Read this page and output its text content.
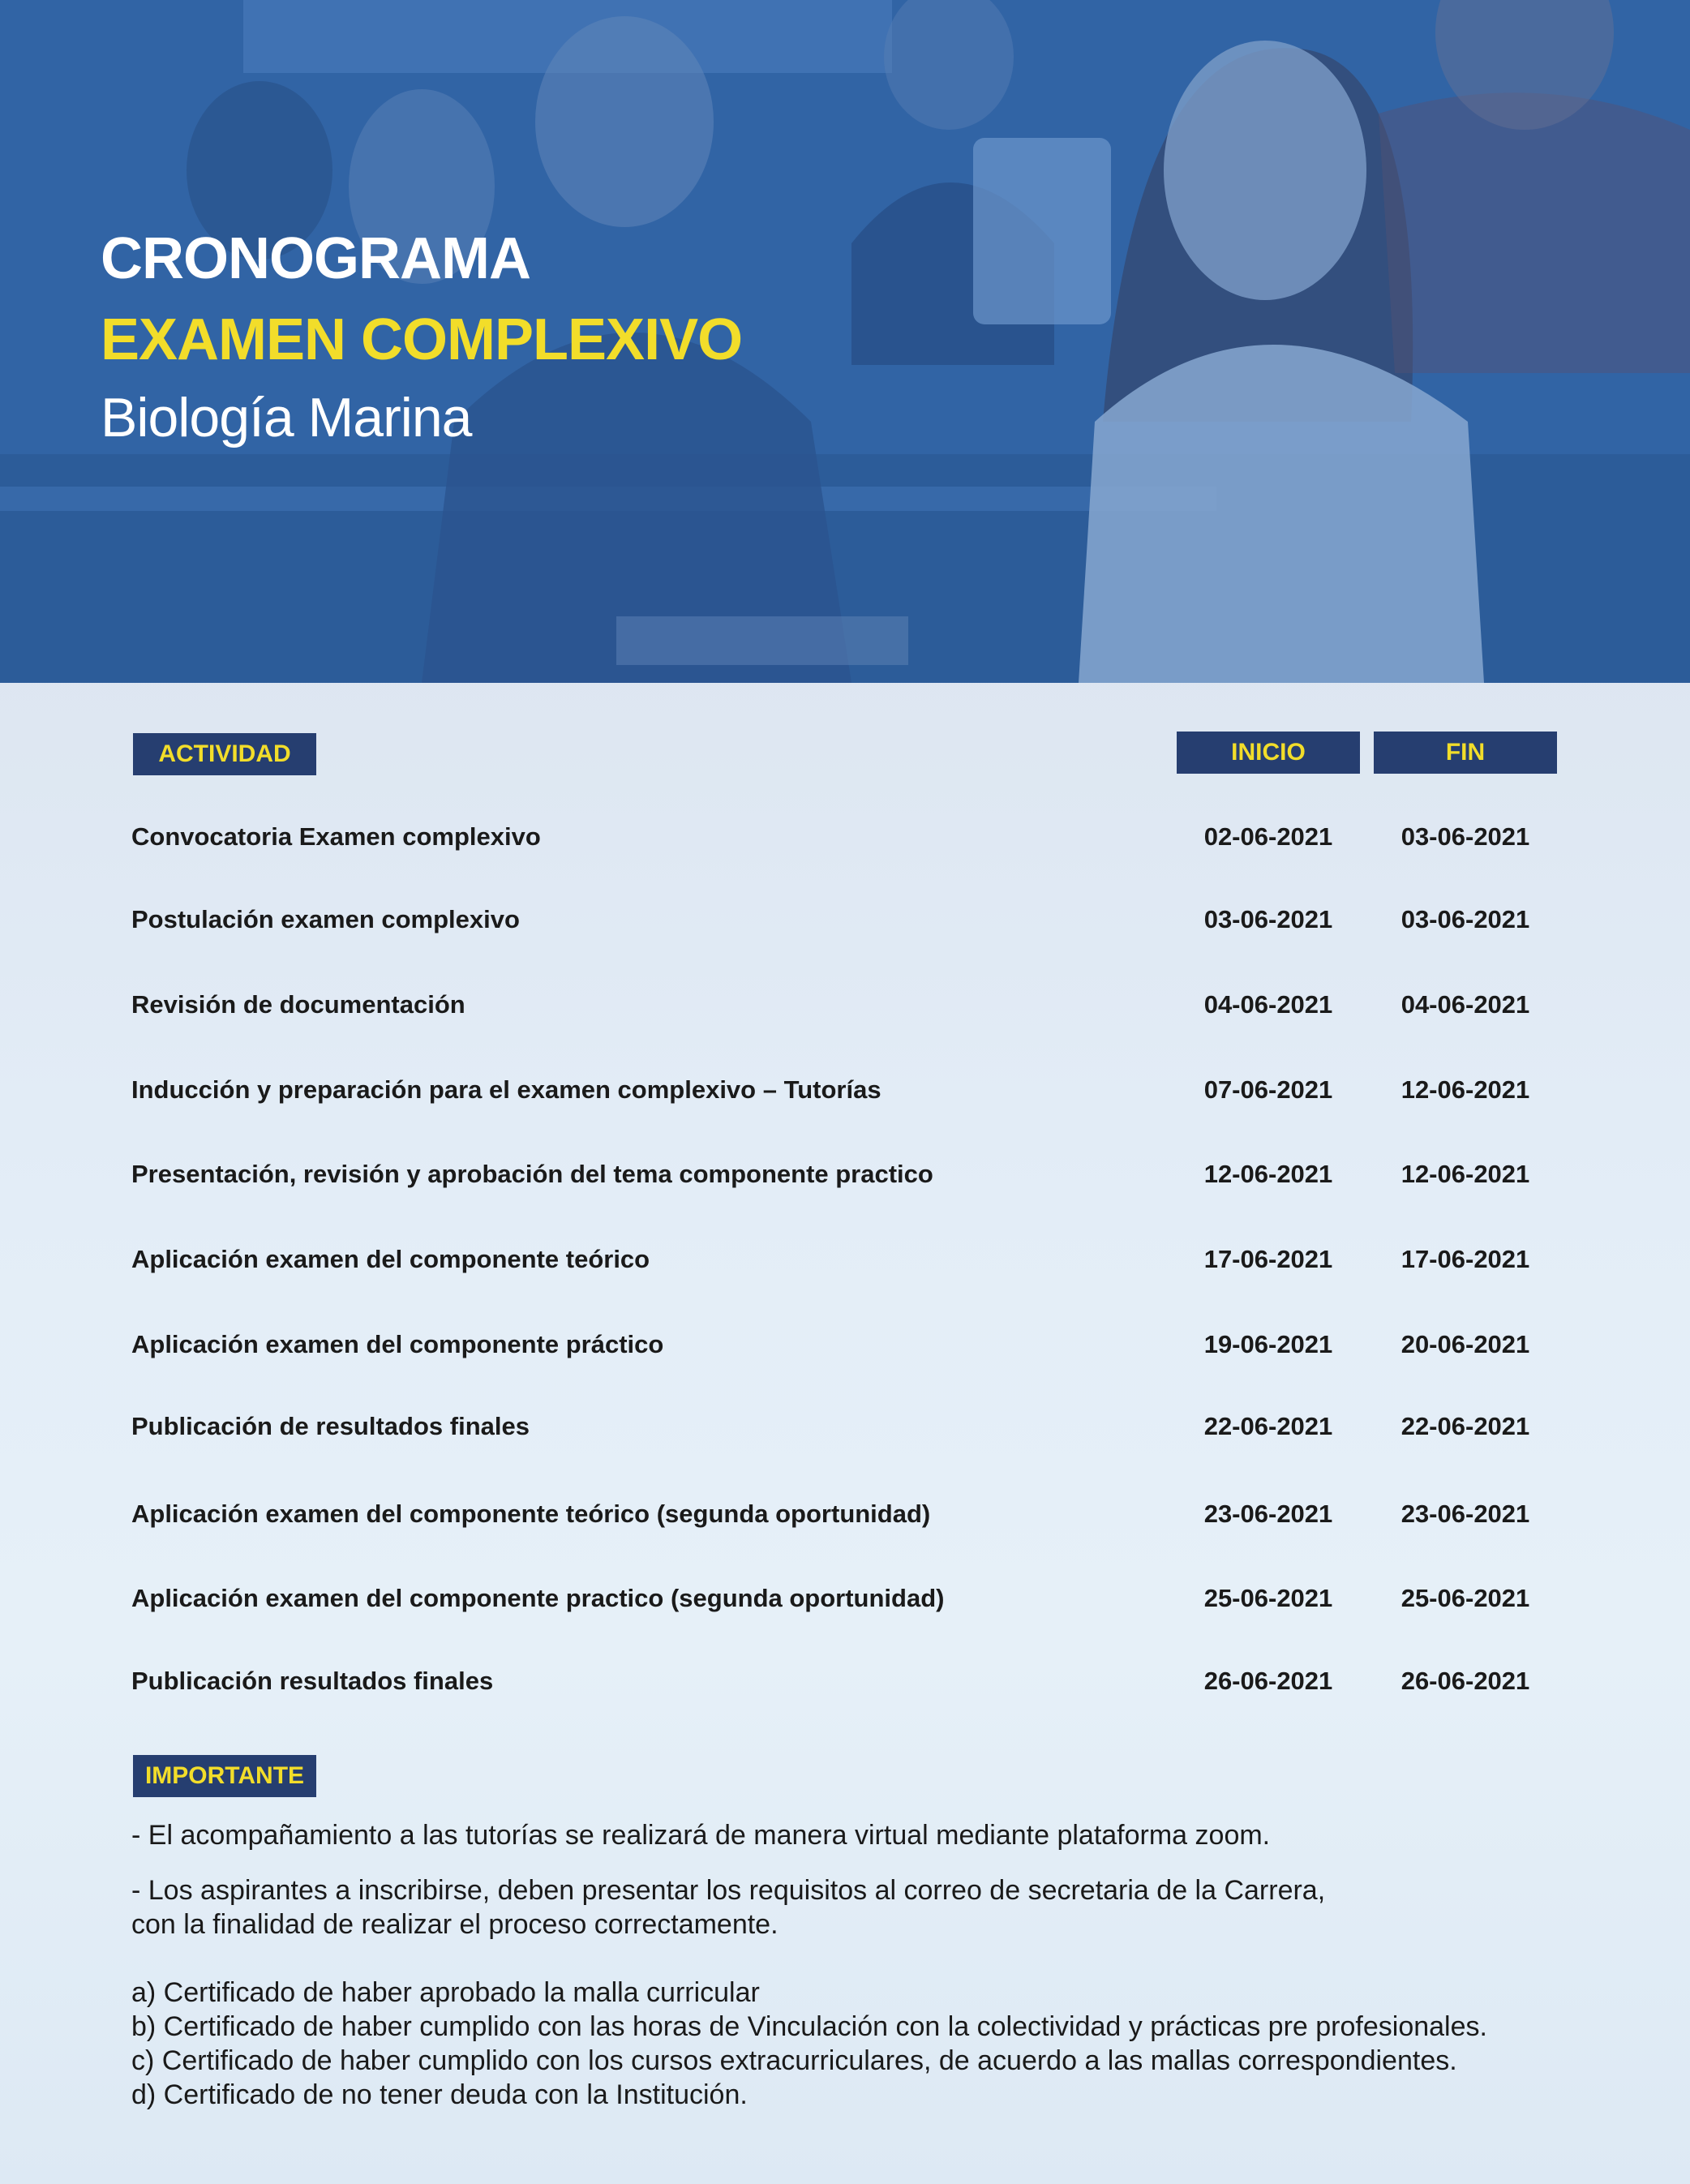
CRONOGRAMA
EXAMEN COMPLEXIVO
Biología Marina
ACTIVIDAD	INICIO	FIN
Convocatoria Examen complexivo	02-06-2021	03-06-2021
Postulación examen complexivo	03-06-2021	03-06-2021
Revisión de documentación	04-06-2021	04-06-2021
Inducción y preparación para el examen complexivo – Tutorías	07-06-2021	12-06-2021
Presentación, revisión y aprobación del tema componente practico	12-06-2021	12-06-2021
Aplicación examen del componente teórico	17-06-2021	17-06-2021
Aplicación examen del componente práctico	19-06-2021	20-06-2021
Publicación de resultados finales	22-06-2021	22-06-2021
Aplicación examen del componente teórico (segunda oportunidad)	23-06-2021	23-06-2021
Aplicación examen del componente practico (segunda oportunidad)	25-06-2021	25-06-2021
Publicación resultados finales	26-06-2021	26-06-2021
IMPORTANTE
- El acompañamiento a las tutorías se realizará de manera virtual mediante plataforma zoom.
- Los aspirantes a inscribirse, deben presentar los requisitos al correo de secretaria de la Carrera,
con la finalidad de realizar el proceso correctamente.
a) Certificado de haber aprobado la malla curricular
b) Certificado de haber cumplido con las horas de Vinculación con la colectividad y prácticas pre profesionales.
c) Certificado de haber cumplido con los cursos extracurriculares, de acuerdo a las mallas correspondientes.
d) Certificado de no tener deuda con la Institución.
